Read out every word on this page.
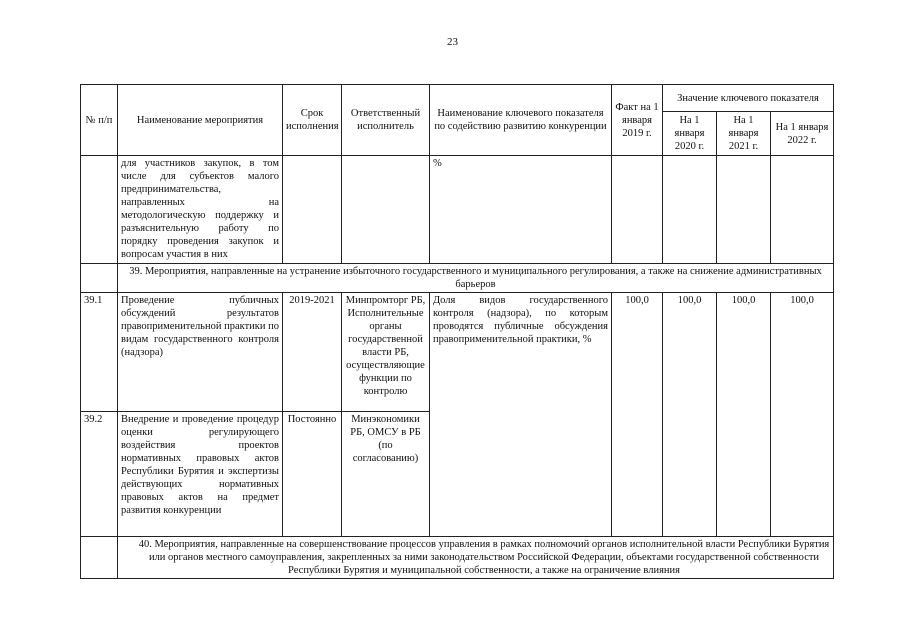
23
№ п/п	Наименование мероприятия	Срок исполнения	Ответственный исполнитель	Наименование ключевого показателя по содействию развитию конкуренции	Факт на 1 января 2019 г.	Значение ключевого показателя		
						На 1 января 2020 г.	На 1 января 2021 г.	На 1 января 2022 г.
	для участников закупок, в том числе для субъектов малого предпринимательства, направленных на методологическую поддержку и разъяснительную работу по порядку проведения закупок и вопросам участия в них			%				
	39. Мероприятия, направленные на устранение избыточного государственного и муниципального регулирования, а также на снижение административных барьеров							
39.1	Проведение публичных обсуждений результатов правоприменительной практики по видам государственного контроля (надзора)	2019-2021	Минпромторг РБ, Исполнительные органы государственной власти РБ, осуществляющие функции по контролю	Доля видов государственного контроля (надзора), по которым проводятся публичные обсуждения правоприменительной практики, %	100,0	100,0	100,0	100,0
39.2	Внедрение и проведение процедур оценки регулирующего воздействия проектов нормативных правовых актов Республики Бурятия и экспертизы действующих нормативных правовых актов на предмет развития конкуренции	Постоянно	Минэкономики РБ, ОМСУ в РБ (по согласованию)					
	40. Мероприятия, направленные на совершенствование процессов управления в рамках полномочий органов исполнительной власти Республики Бурятия или органов местного самоуправления, закрепленных за ними законодательством Российской Федерации, объектами государственной собственности Республики Бурятия и муниципальной собственности, а также на ограничение влияния							
